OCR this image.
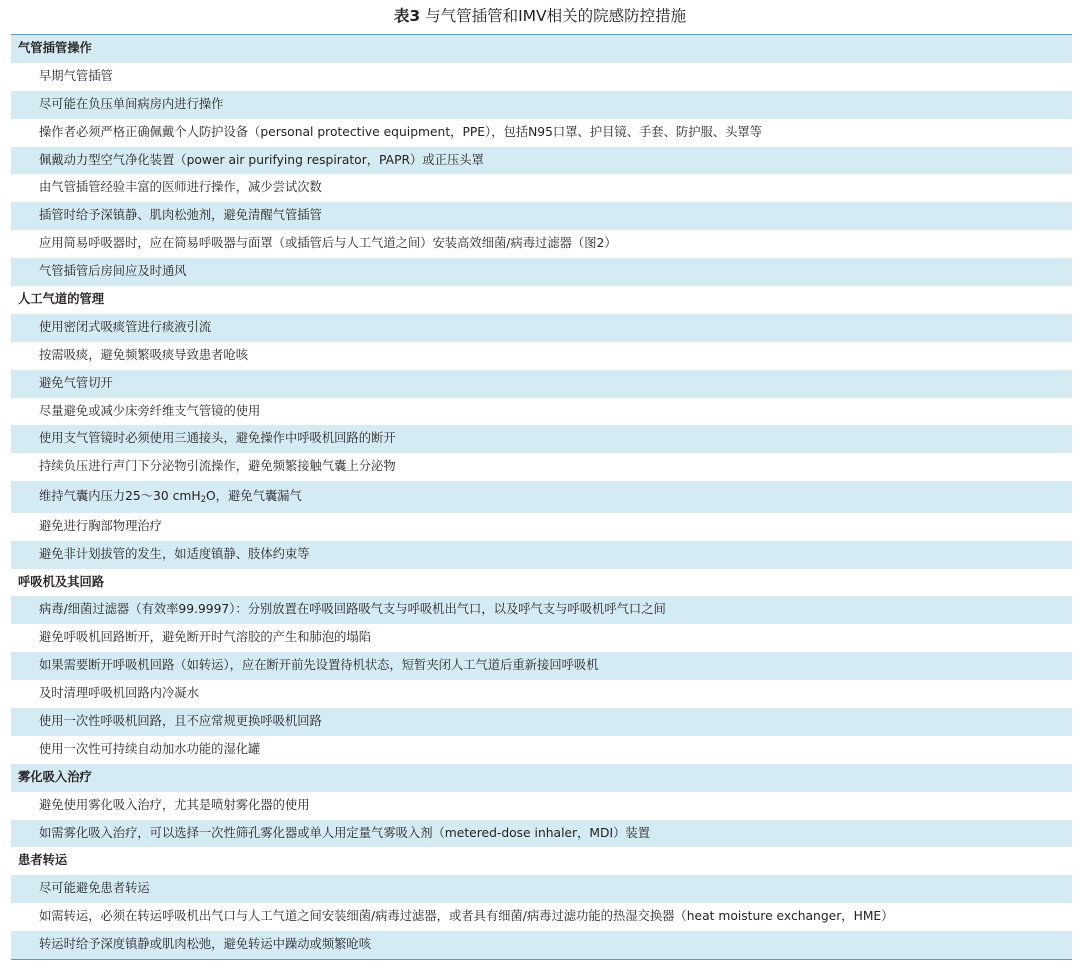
表3 与气管插管和IMV相关的院感防控措施
气管插管操作
早期气管插管
尽可能在负压单间病房内进行操作
操作者必须严格正确佩戴个人防护设备（personal protective equipment，PPE），包括N95口罩、护目镜、手套、防护服、头罩等
佩戴动力型空气净化装置（power air purifying respirator，PAPR）或正压头罩
由气管插管经验丰富的医师进行操作，减少尝试次数
插管时给予深镇静、肌肉松弛剂，避免清醒气管插管
应用简易呼吸器时，应在简易呼吸器与面罩（或插管后与人工气道之间）安装高效细菌/病毒过滤器（图2）
气管插管后房间应及时通风
人工气道的管理
使用密闭式吸痰管进行痰液引流
按需吸痰，避免频繁吸痰导致患者呛咳
避免气管切开
尽量避免或减少床旁纤维支气管镜的使用
使用支气管镜时必须使用三通接头，避免操作中呼吸机回路的断开
持续负压进行声门下分泌物引流操作，避免频繁接触气囊上分泌物
维持气囊内压力25～30 cmH$_2$O，避免气囊漏气
避免进行胸部物理治疗
避免非计划拔管的发生，如适度镇静、肢体约束等
呼吸机及其回路
病毒/细菌过滤器（有效率99.9997）：分别放置在呼吸回路吸气支与呼吸机出气口，以及呼气支与呼吸机呼气口之间
避免呼吸机回路断开，避免断开时气溶胶的产生和肺泡的塌陷
如果需要断开呼吸机回路（如转运），应在断开前先设置待机状态，短暂夹闭人工气道后重新接回呼吸机
及时清理呼吸机回路内冷凝水
使用一次性呼吸机回路，且不应常规更换呼吸机回路
使用一次性可持续自动加水功能的湿化罐
雾化吸入治疗
避免使用雾化吸入治疗，尤其是喷射雾化器的使用
如需雾化吸入治疗，可以选择一次性筛孔雾化器或单人用定量气雾吸入剂（metered-dose inhaler，MDI）装置
患者转运
尽可能避免患者转运
如需转运，必须在转运呼吸机出气口与人工气道之间安装细菌/病毒过滤器，或者具有细菌/病毒过滤功能的热湿交换器（heat moisture exchanger，HME）
转运时给予深度镇静或肌肉松弛，避免转运中躁动或频繁呛咳
